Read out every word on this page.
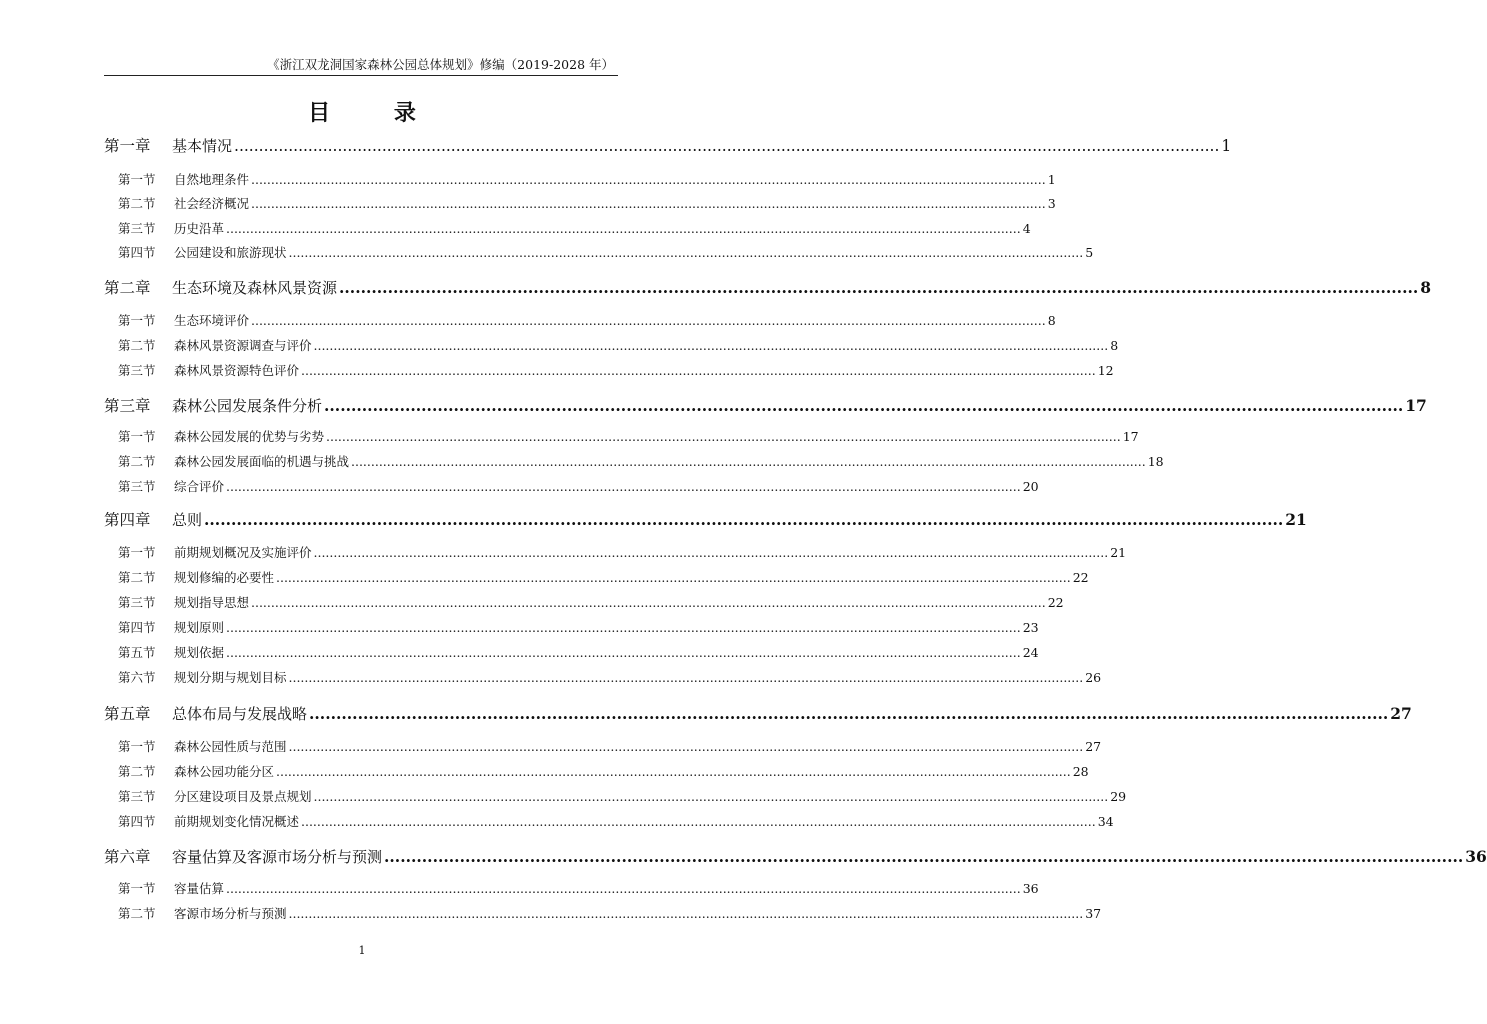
《浙江双龙洞国家森林公园总体规划》修编（2019-2028 年）
目 录
第一章	基本情况 ........................................................................................................................................................................................................ 1
第一节	自然地理条件 ........................................................................................................................................................................................................ 1
第二节	社会经济概况 ........................................................................................................................................................................................................ 3
第三节	历史沿革 ........................................................................................................................................................................................................ 4
第四节	公园建设和旅游现状 ........................................................................................................................................................................................................ 5
第二章	生态环境及森林风景资源 ........................................................................................................................................................................................................ 8
第一节	生态环境评价 ........................................................................................................................................................................................................ 8
第二节	森林风景资源调查与评价 ........................................................................................................................................................................................................ 8
第三节	森林风景资源特色评价 ........................................................................................................................................................................................................ 12
第三章	森林公园发展条件分析 ........................................................................................................................................................................................................ 17
第一节	森林公园发展的优势与劣势 ........................................................................................................................................................................................................ 17
第二节	森林公园发展面临的机遇与挑战 ........................................................................................................................................................................................................ 18
第三节	综合评价 ........................................................................................................................................................................................................ 20
第四章	总则 ........................................................................................................................................................................................................ 21
第一节	前期规划概况及实施评价 ........................................................................................................................................................................................................ 21
第二节	规划修编的必要性 ........................................................................................................................................................................................................ 22
第三节	规划指导思想 ........................................................................................................................................................................................................ 22
第四节	规划原则 ........................................................................................................................................................................................................ 23
第五节	规划依据 ........................................................................................................................................................................................................ 24
第六节	规划分期与规划目标 ........................................................................................................................................................................................................ 26
第五章	总体布局与发展战略 ........................................................................................................................................................................................................ 27
第一节	森林公园性质与范围 ........................................................................................................................................................................................................ 27
第二节	森林公园功能分区 ........................................................................................................................................................................................................ 28
第三节	分区建设项目及景点规划 ........................................................................................................................................................................................................ 29
第四节	前期规划变化情况概述 ........................................................................................................................................................................................................ 34
第六章	容量估算及客源市场分析与预测 ........................................................................................................................................................................................................ 36
第一节	容量估算 ........................................................................................................................................................................................................ 36
第二节	客源市场分析与预测 ........................................................................................................................................................................................................ 37
1
